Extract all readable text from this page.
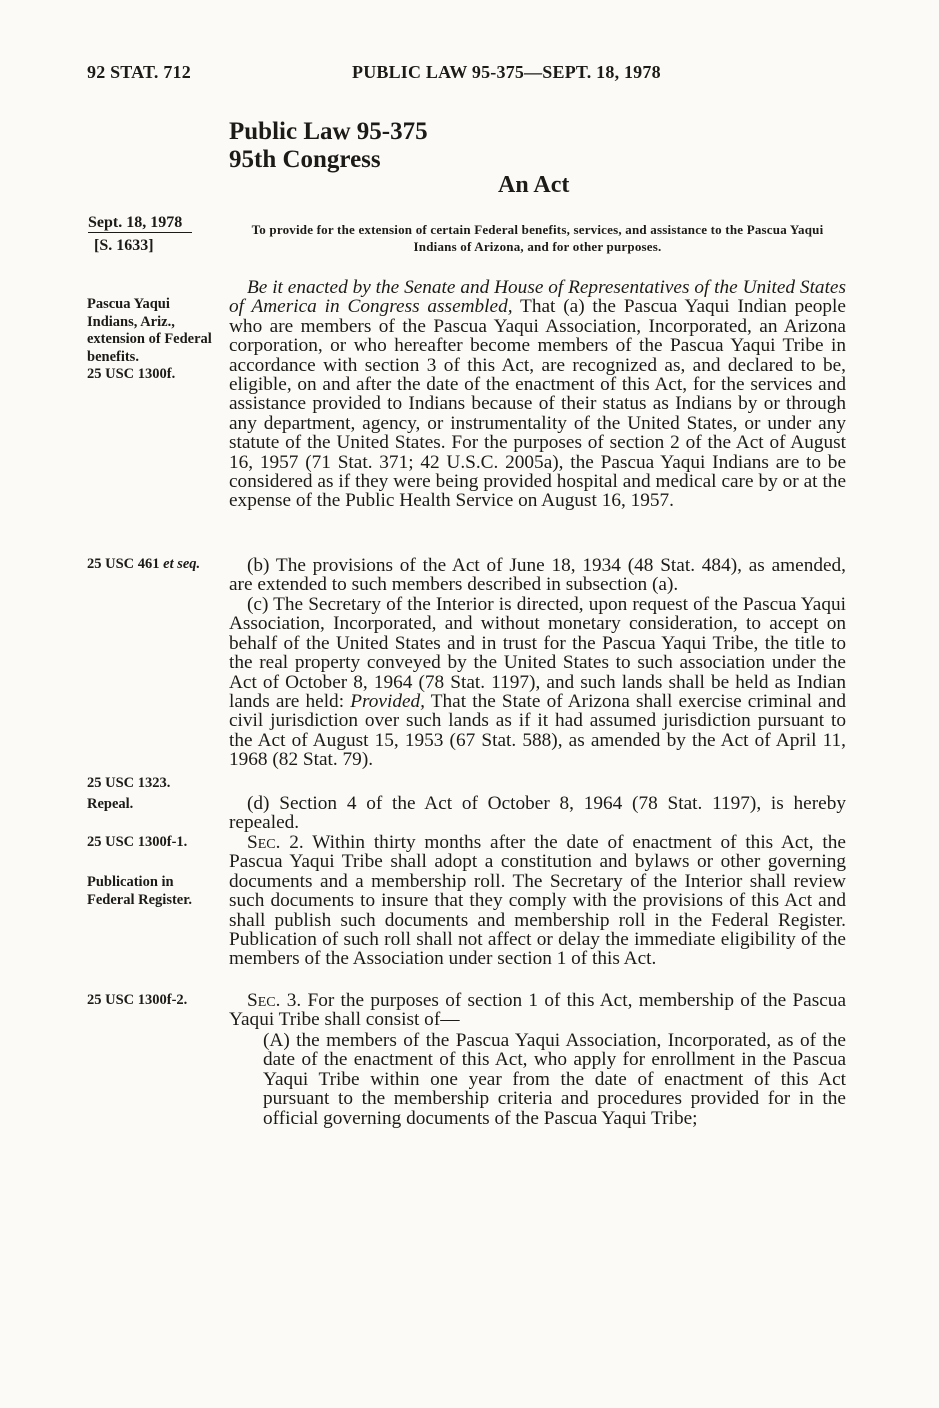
92 STAT. 712	PUBLIC LAW 95-375—SEPT. 18, 1978
Public Law 95-375
95th Congress
An Act
Sept. 18, 1978
[S. 1633]
To provide for the extension of certain Federal benefits, services, and assistance to the Pascua Yaqui Indians of Arizona, and for other purposes.
Pascua Yaqui Indians, Ariz., extension of Federal benefits.
25 USC 1300f.
25 USC 461 et seq.
25 USC 1323.
Repeal.
25 USC 1300f-1.
Publication in Federal Register.
25 USC 1300f-2.

Be it enacted by the Senate and House of Representatives of the United States of America in Congress assembled, That (a) the Pascua Yaqui Indian people who are members of the Pascua Yaqui Association, Incorporated, an Arizona corporation, or who hereafter become members of the Pascua Yaqui Tribe in accordance with section 3 of this Act, are recognized as, and declared to be, eligible, on and after the date of the enactment of this Act, for the services and assistance provided to Indians because of their status as Indians by or through any department, agency, or instrumentality of the United States, or under any statute of the United States. For the purposes of section 2 of the Act of August 16, 1957 (71 Stat. 371; 42 U.S.C. 2005a), the Pascua Yaqui Indians are to be considered as if they were being provided hospital and medical care by or at the expense of the Public Health Service on August 16, 1957.

(b) The provisions of the Act of June 18, 1934 (48 Stat. 484), as amended, are extended to such members described in subsection (a).

(c) The Secretary of the Interior is directed, upon request of the Pascua Yaqui Association, Incorporated, and without monetary consideration, to accept on behalf of the United States and in trust for the Pascua Yaqui Tribe, the title to the real property conveyed by the United States to such association under the Act of October 8, 1964 (78 Stat. 1197), and such lands shall be held as Indian lands are held: Provided, That the State of Arizona shall exercise criminal and civil jurisdiction over such lands as if it had assumed jurisdiction pursuant to the Act of August 15, 1953 (67 Stat. 588), as amended by the Act of April 11, 1968 (82 Stat. 79).

(d) Section 4 of the Act of October 8, 1964 (78 Stat. 1197), is hereby repealed.

Sec. 2. Within thirty months after the date of enactment of this Act, the Pascua Yaqui Tribe shall adopt a constitution and bylaws or other governing documents and a membership roll. The Secretary of the Interior shall review such documents to insure that they comply with the provisions of this Act and shall publish such documents and membership roll in the Federal Register. Publication of such roll shall not affect or delay the immediate eligibility of the members of the Association under section 1 of this Act.

Sec. 3. For the purposes of section 1 of this Act, membership of the Pascua Yaqui Tribe shall consist of—

(A) the members of the Pascua Yaqui Association, Incorporated, as of the date of the enactment of this Act, who apply for enrollment in the Pascua Yaqui Tribe within one year from the date of enactment of this Act pursuant to the membership criteria and procedures provided for in the official governing documents of the Pascua Yaqui Tribe;
